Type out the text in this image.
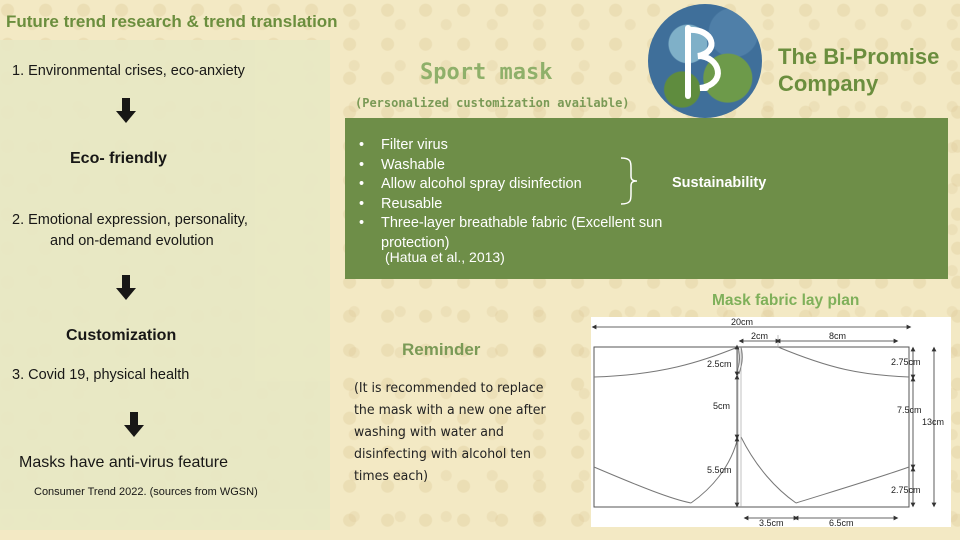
Future trend research & trend translation
1. Environmental crises, eco-anxiety
Eco- friendly
2. Emotional expression, personality,
and on-demand evolution
Customization
3. Covid 19, physical health
Masks have anti-virus feature
Consumer Trend 2022. (sources from WGSN)
Sport mask
(Personalized customization available)
The Bi-Promise
Company
• Filter virus
• Washable
• Allow alcohol spray disinfection
• Reusable
• Three-layer breathable fabric (Excellent sun protection)
(Hatua et al., 2013)
Sustainability
Reminder
(It is recommended to replace the mask with a new one after washing with water and disinfecting with alcohol ten times each)
Mask fabric lay plan
20cm
2cm	8cm
2.5cm
5cm
5.5cm
2.75cm
7.5cm
13cm
2.75cm
3.5cm	6.5cm
